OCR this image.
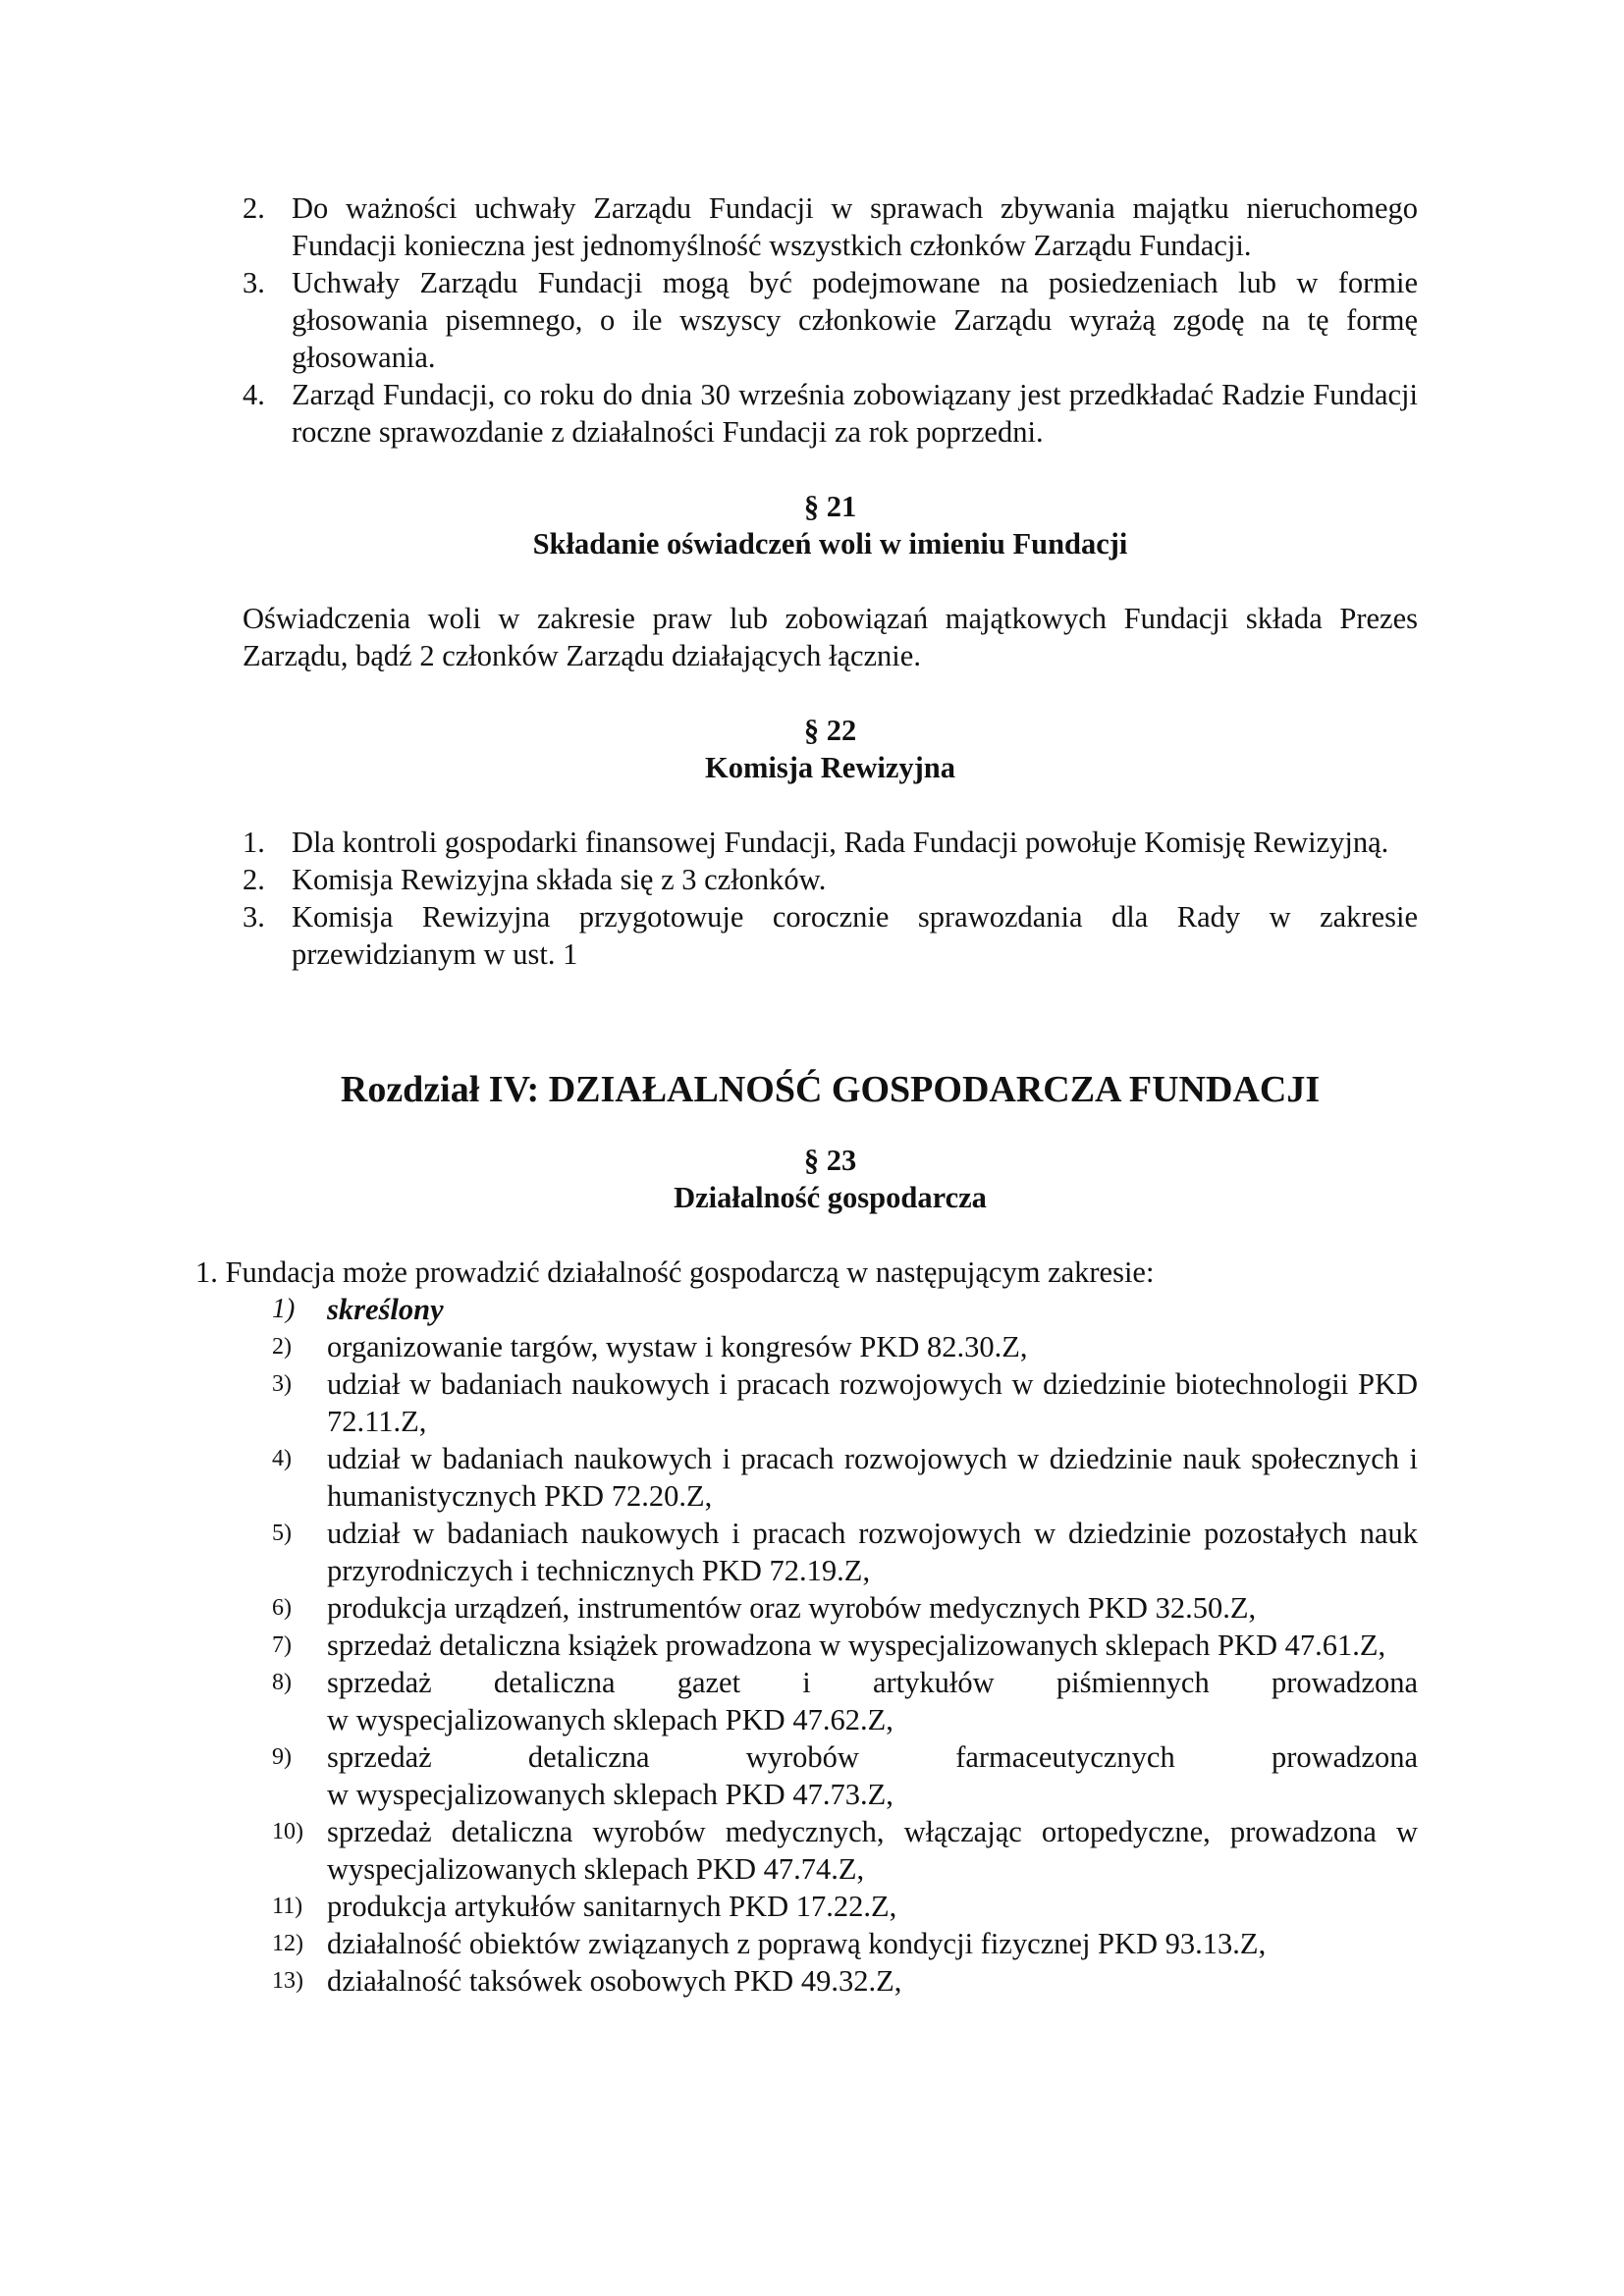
2. Do ważności uchwały Zarządu Fundacji w sprawach zbywania majątku nieruchomego Fundacji konieczna jest jednomyślność wszystkich członków Zarządu Fundacji.
3. Uchwały Zarządu Fundacji mogą być podejmowane na posiedzeniach lub w formie głosowania pisemnego, o ile wszyscy członkowie Zarządu wyrażą zgodę na tę formę głosowania.
4. Zarząd Fundacji, co roku do dnia 30 września zobowiązany jest przedkładać Radzie Fundacji roczne sprawozdanie z działalności Fundacji za rok poprzedni.
§ 21
Składanie oświadczeń woli w imieniu Fundacji
Oświadczenia woli w zakresie praw lub zobowiązań majątkowych Fundacji składa Prezes Zarządu, bądź 2 członków Zarządu działających łącznie.
§ 22
Komisja Rewizyjna
1. Dla kontroli gospodarki finansowej Fundacji, Rada Fundacji powołuje Komisję Rewizyjną.
2. Komisja Rewizyjna składa się z 3 członków.
3. Komisja Rewizyjna przygotowuje corocznie sprawozdania dla Rady w zakresie przewidzianym w ust. 1
Rozdział IV: DZIAŁALNOŚĆ GOSPODARCZA FUNDACJI
§ 23
Działalność gospodarcza
1. Fundacja może prowadzić działalność gospodarczą w następującym zakresie:
1)	skreślony
2)	organizowanie targów, wystaw i kongresów PKD 82.30.Z,
3)	udział w badaniach naukowych i pracach rozwojowych w dziedzinie biotechnologii PKD 72.11.Z,
4)	udział w badaniach naukowych i pracach rozwojowych w dziedzinie nauk społecznych i humanistycznych PKD 72.20.Z,
5)	udział w badaniach naukowych i pracach rozwojowych w dziedzinie pozostałych nauk przyrodniczych i technicznych PKD 72.19.Z,
6)	produkcja urządzeń, instrumentów oraz wyrobów medycznych PKD 32.50.Z,
7)	sprzedaż detaliczna książek prowadzona w wyspecjalizowanych sklepach PKD 47.61.Z,
8)	sprzedaż detaliczna gazet i artykułów piśmiennych prowadzona
w wyspecjalizowanych sklepach PKD 47.62.Z,
9)	sprzedaż detaliczna wyrobów farmaceutycznych prowadzona
w wyspecjalizowanych sklepach PKD 47.73.Z,
10) sprzedaż detaliczna wyrobów medycznych, włączając ortopedyczne, prowadzona w wyspecjalizowanych sklepach PKD 47.74.Z,
11) produkcja artykułów sanitarnych PKD 17.22.Z,
12) działalność obiektów związanych z poprawą kondycji fizycznej PKD 93.13.Z,
13) działalność taksówek osobowych PKD 49.32.Z,
